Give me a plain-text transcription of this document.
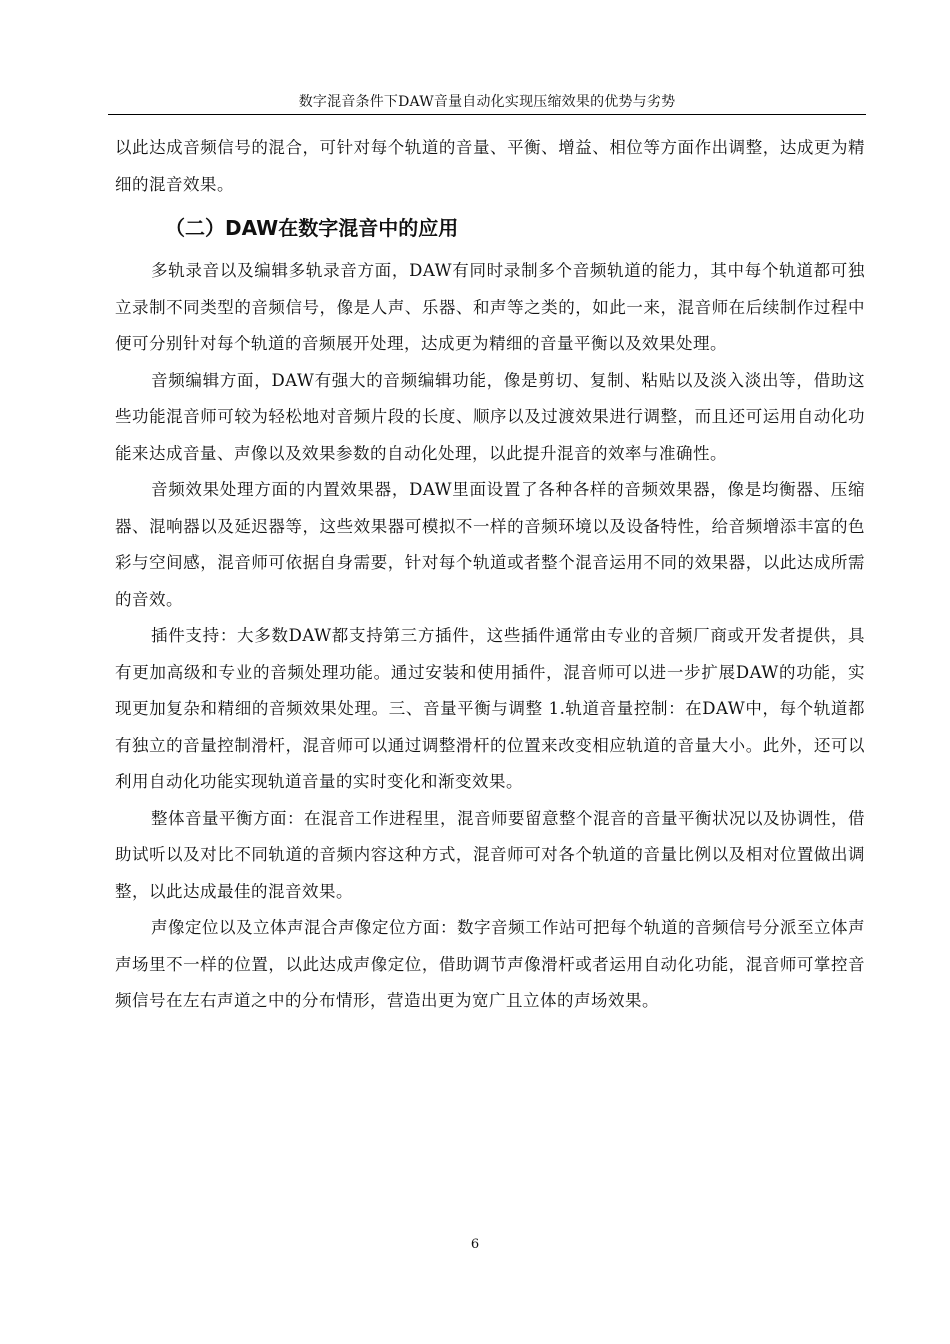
数字混音条件下DAW音量自动化实现压缩效果的优势与劣势

以此达成音频信号的混合，可针对每个轨道的音量、平衡、增益、相位等方面作出调整，达成更为精细的混音效果。

（二）DAW在数字混音中的应用

多轨录音以及编辑多轨录音方面，DAW有同时录制多个音频轨道的能力，其中每个轨道都可独立录制不同类型的音频信号，像是人声、乐器、和声等之类的，如此一来，混音师在后续制作过程中便可分别针对每个轨道的音频展开处理，达成更为精细的音量平衡以及效果处理。

音频编辑方面，DAW有强大的音频编辑功能，像是剪切、复制、粘贴以及淡入淡出等，借助这些功能混音师可较为轻松地对音频片段的长度、顺序以及过渡效果进行调整，而且还可运用自动化功能来达成音量、声像以及效果参数的自动化处理，以此提升混音的效率与准确性。

音频效果处理方面的内置效果器，DAW里面设置了各种各样的音频效果器，像是均衡器、压缩器、混响器以及延迟器等，这些效果器可模拟不一样的音频环境以及设备特性，给音频增添丰富的色彩与空间感，混音师可依据自身需要，针对每个轨道或者整个混音运用不同的效果器，以此达成所需的音效。

插件支持：大多数DAW都支持第三方插件，这些插件通常由专业的音频厂商或开发者提供，具有更加高级和专业的音频处理功能。通过安装和使用插件，混音师可以进一步扩展DAW的功能，实现更加复杂和精细的音频效果处理。三、音量平衡与调整 1.轨道音量控制：在DAW中，每个轨道都有独立的音量控制滑杆，混音师可以通过调整滑杆的位置来改变相应轨道的音量大小。此外，还可以利用自动化功能实现轨道音量的实时变化和渐变效果。

整体音量平衡方面：在混音工作进程里，混音师要留意整个混音的音量平衡状况以及协调性，借助试听以及对比不同轨道的音频内容这种方式，混音师可对各个轨道的音量比例以及相对位置做出调整，以此达成最佳的混音效果。

声像定位以及立体声混合声像定位方面：数字音频工作站可把每个轨道的音频信号分派至立体声声场里不一样的位置，以此达成声像定位，借助调节声像滑杆或者运用自动化功能，混音师可掌控音频信号在左右声道之中的分布情形，营造出更为宽广且立体的声场效果。

6
